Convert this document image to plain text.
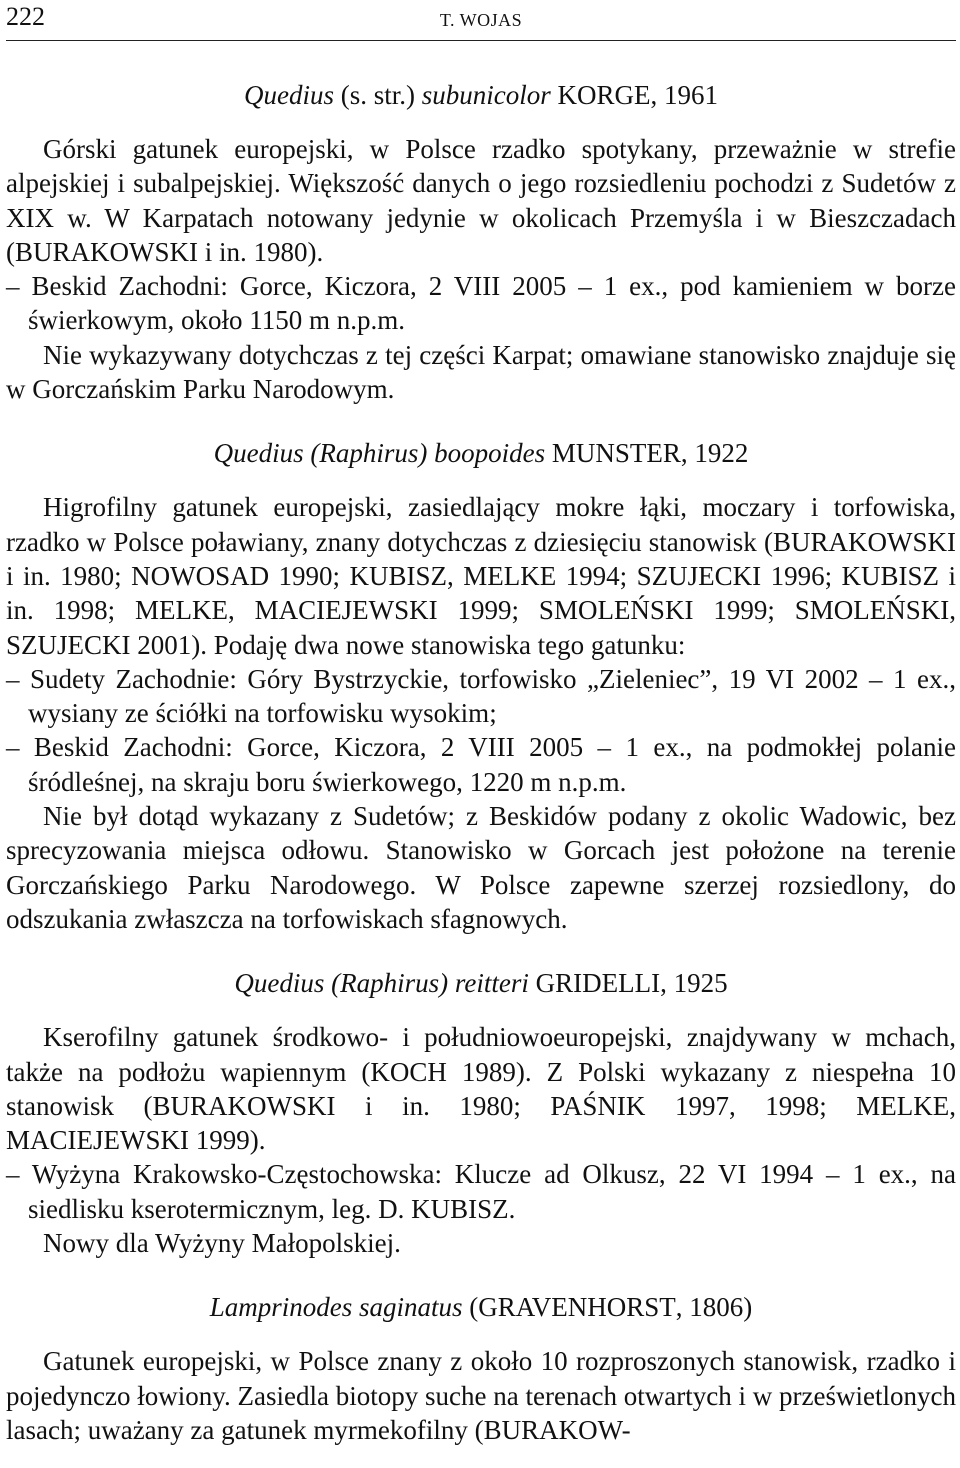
222	T. WOJAS
Quedius (s. str.) subunicolor KORGE, 1961

Górski gatunek europejski, w Polsce rzadko spotykany, przeważnie w strefie alpejskiej i subalpejskiej. Większość danych o jego rozsiedleniu pochodzi z Sudetów z XIX w. W Karpatach notowany jedynie w okolicach Przemyśla i w Bieszczadach (BURAKOWSKI i in. 1980).

– Beskid Zachodni: Gorce, Kiczora, 2 VIII 2005 – 1 ex., pod kamieniem w borze świerkowym, około 1150 m n.p.m.

Nie wykazywany dotychczas z tej części Karpat; omawiane stanowisko znajduje się w Gorczańskim Parku Narodowym.

Quedius (Raphirus) boopoides MUNSTER, 1922

Higrofilny gatunek europejski, zasiedlający mokre łąki, moczary i torfowiska, rzadko w Polsce poławiany, znany dotychczas z dziesięciu stanowisk (BURAKOWSKI i in. 1980; NOWOSAD 1990; KUBISZ, MELKE 1994; SZUJECKI 1996; KUBISZ i in. 1998; MELKE, MACIEJEWSKI 1999; SMOLEŃSKI 1999; SMOLEŃSKI, SZUJECKI 2001). Podaję dwa nowe stanowiska tego gatunku:

– Sudety Zachodnie: Góry Bystrzyckie, torfowisko „Zieleniec”, 19 VI 2002 – 1 ex., wysiany ze ściółki na torfowisku wysokim;

– Beskid Zachodni: Gorce, Kiczora, 2 VIII 2005 – 1 ex., na podmokłej polanie śródleśnej, na skraju boru świerkowego, 1220 m n.p.m.

Nie był dotąd wykazany z Sudetów; z Beskidów podany z okolic Wadowic, bez sprecyzowania miejsca odłowu. Stanowisko w Gorcach jest położone na terenie Gorczańskiego Parku Narodowego. W Polsce zapewne szerzej rozsiedlony, do odszukania zwłaszcza na torfowiskach sfagnowych.

Quedius (Raphirus) reitteri GRIDELLI, 1925

Kserofilny gatunek środkowo- i południowoeuropejski, znajdywany w mchach, także na podłożu wapiennym (KOCH 1989). Z Polski wykazany z niespełna 10 stanowisk (BURAKOWSKI i in. 1980; PAŚNIK 1997, 1998; MELKE, MACIEJEWSKI 1999).

– Wyżyna Krakowsko-Częstochowska: Klucze ad Olkusz, 22 VI 1994 – 1 ex., na siedlisku kserotermicznym, leg. D. KUBISZ.

Nowy dla Wyżyny Małopolskiej.

Lamprinodes saginatus (GRAVENHORST, 1806)

Gatunek europejski, w Polsce znany z około 10 rozproszonych stanowisk, rzadko i pojedynczo łowiony. Zasiedla biotopy suche na terenach otwartych i w prześwietlonych lasach; uważany za gatunek myrmekofilny (BURAKOW-
